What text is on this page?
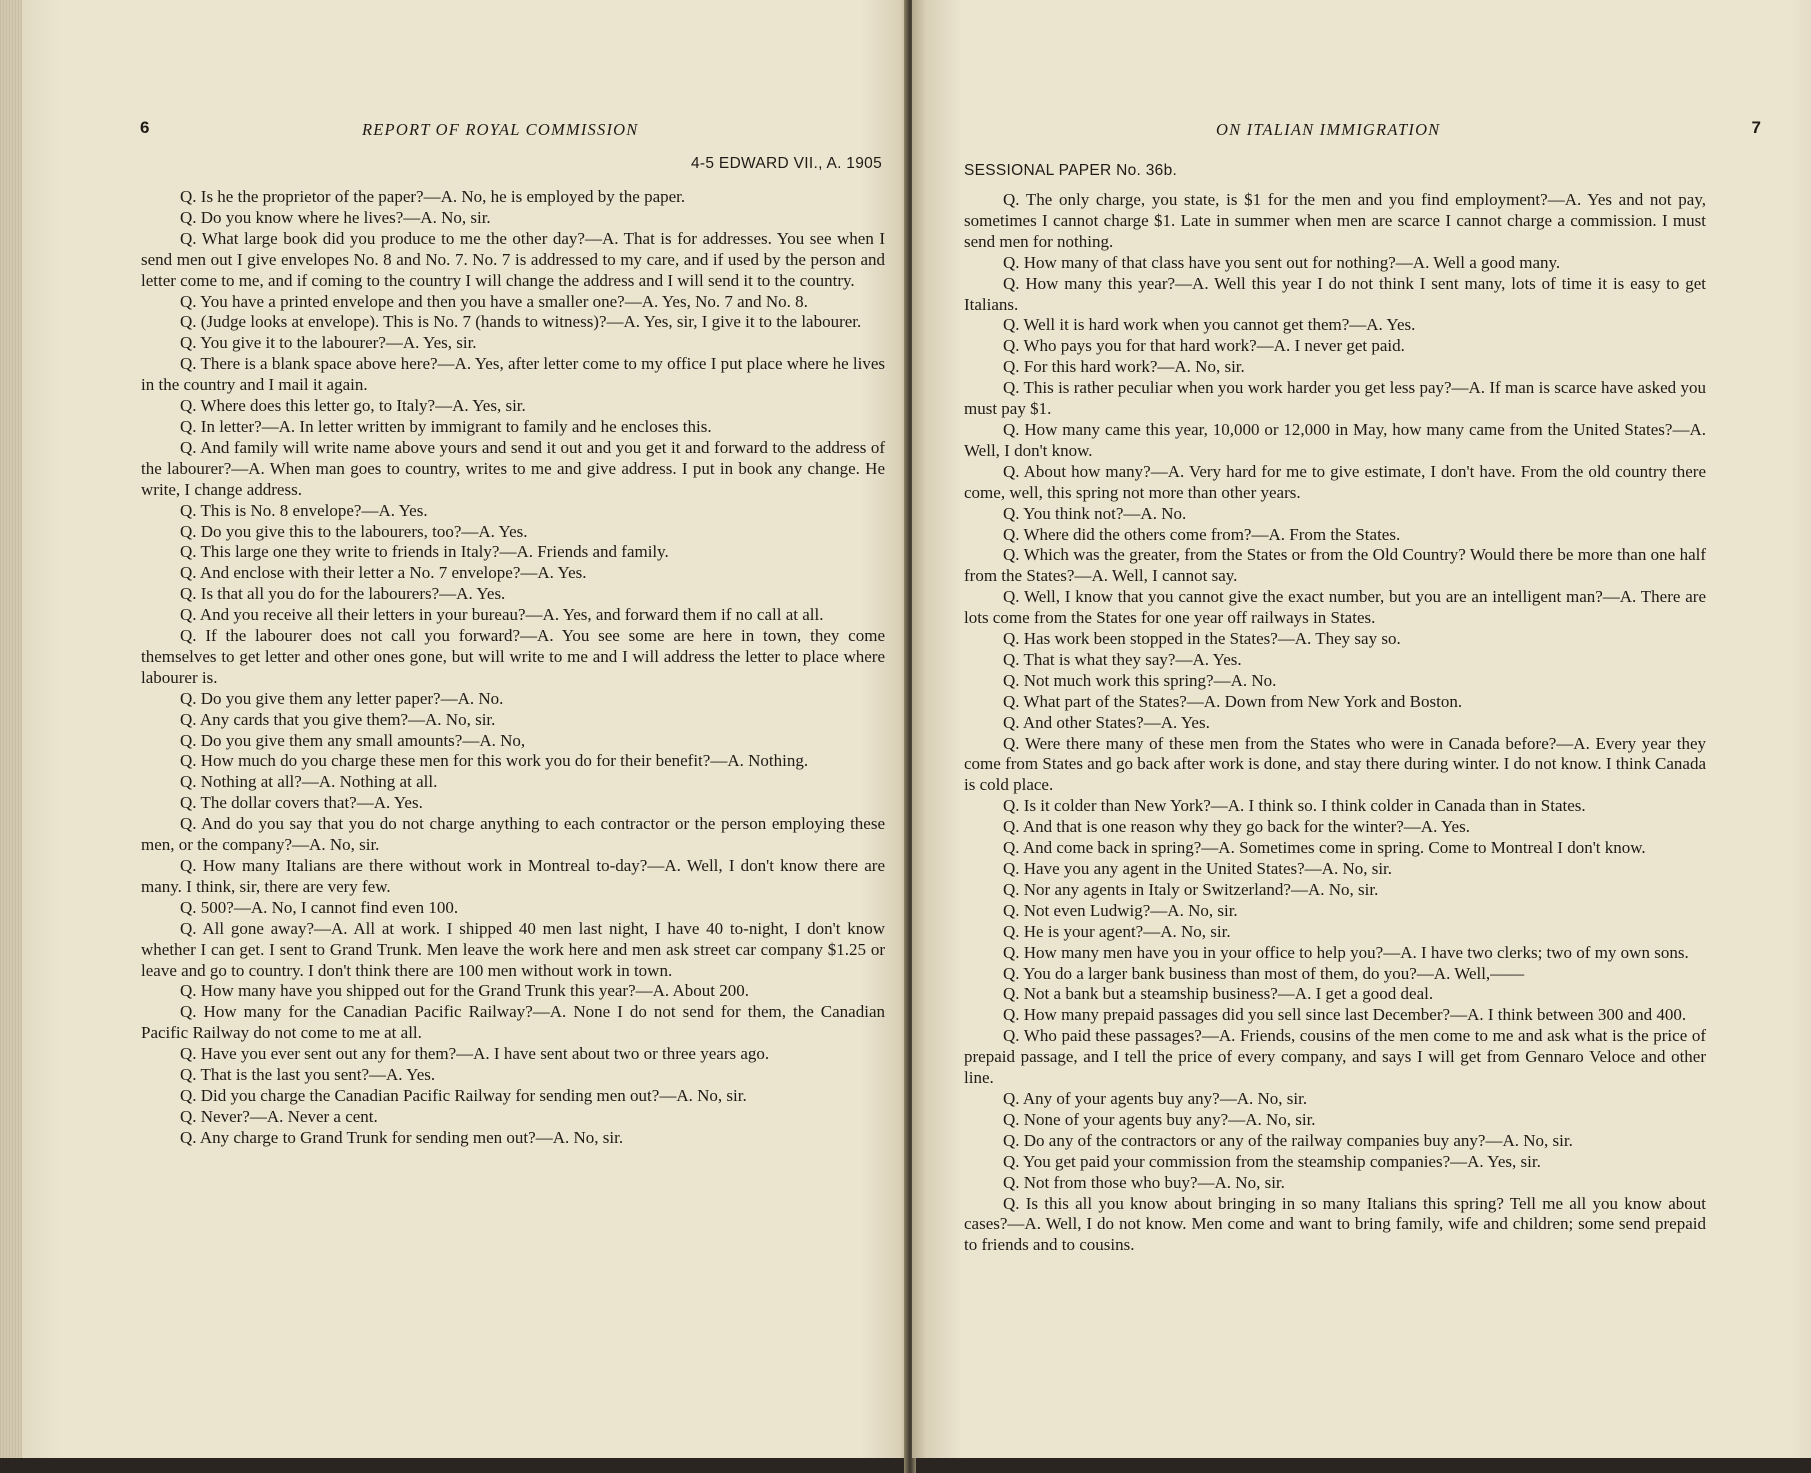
6	REPORT OF ROYAL COMMISSION
4-5 EDWARD VII., A. 1905

Q. Is he the proprietor of the paper?—A. No, he is employed by the paper.

Q. Do you know where he lives?—A. No, sir.

Q. What large book did you produce to me the other day?—A. That is for addresses. You see when I send men out I give envelopes No. 8 and No. 7. No. 7 is addressed to my care, and if used by the person and letter come to me, and if coming to the country I will change the address and I will send it to the country.

Q. You have a printed envelope and then you have a smaller one?—A. Yes, No. 7 and No. 8.

Q. (Judge looks at envelope). This is No. 7 (hands to witness)?—A. Yes, sir, I give it to the labourer.

Q. You give it to the labourer?—A. Yes, sir.

Q. There is a blank space above here?—A. Yes, after letter come to my office I put place where he lives in the country and I mail it again.

Q. Where does this letter go, to Italy?—A. Yes, sir.

Q. In letter?—A. In letter written by immigrant to family and he encloses this.

Q. And family will write name above yours and send it out and you get it and forward to the address of the labourer?—A. When man goes to country, writes to me and give address. I put in book any change. He write, I change address.

Q. This is No. 8 envelope?—A. Yes.

Q. Do you give this to the labourers, too?—A. Yes.

Q. This large one they write to friends in Italy?—A. Friends and family.

Q. And enclose with their letter a No. 7 envelope?—A. Yes.

Q. Is that all you do for the labourers?—A. Yes.

Q. And you receive all their letters in your bureau?—A. Yes, and forward them if no call at all.

Q. If the labourer does not call you forward?—A. You see some are here in town, they come themselves to get letter and other ones gone, but will write to me and I will address the letter to place where labourer is.

Q. Do you give them any letter paper?—A. No.

Q. Any cards that you give them?—A. No, sir.

Q. Do you give them any small amounts?—A. No,

Q. How much do you charge these men for this work you do for their benefit?—A. Nothing.

Q. Nothing at all?—A. Nothing at all.

Q. The dollar covers that?—A. Yes.

Q. And do you say that you do not charge anything to each contractor or the person employing these men, or the company?—A. No, sir.

Q. How many Italians are there without work in Montreal to-day?—A. Well, I don't know there are many. I think, sir, there are very few.

Q. 500?—A. No, I cannot find even 100.

Q. All gone away?—A. All at work. I shipped 40 men last night, I have 40 to-night, I don't know whether I can get. I sent to Grand Trunk. Men leave the work here and men ask street car company $1.25 or leave and go to country. I don't think there are 100 men without work in town.

Q. How many have you shipped out for the Grand Trunk this year?—A. About 200.

Q. How many for the Canadian Pacific Railway?—A. None I do not send for them, the Canadian Pacific Railway do not come to me at all.

Q. Have you ever sent out any for them?—A. I have sent about two or three years ago.

Q. That is the last you sent?—A. Yes.

Q. Did you charge the Canadian Pacific Railway for sending men out?—A. No, sir.

Q. Never?—A. Never a cent.

Q. Any charge to Grand Trunk for sending men out?—A. No, sir.

7
ON ITALIAN IMMIGRATION
SESSIONAL PAPER No. 36b.

Q. The only charge, you state, is $1 for the men and you find employment?—A. Yes and not pay, sometimes I cannot charge $1. Late in summer when men are scarce I cannot charge a commission. I must send men for nothing.

Q. How many of that class have you sent out for nothing?—A. Well a good many.

Q. How many this year?—A. Well this year I do not think I sent many, lots of time it is easy to get Italians.

Q. Well it is hard work when you cannot get them?—A. Yes.

Q. Who pays you for that hard work?—A. I never get paid.

Q. For this hard work?—A. No, sir.

Q. This is rather peculiar when you work harder you get less pay?—A. If man is scarce have asked you must pay $1.

Q. How many came this year, 10,000 or 12,000 in May, how many came from the United States?—A. Well, I don't know.

Q. About how many?—A. Very hard for me to give estimate, I don't have. From the old country there come, well, this spring not more than other years.

Q. You think not?—A. No.

Q. Where did the others come from?—A. From the States.

Q. Which was the greater, from the States or from the Old Country? Would there be more than one half from the States?—A. Well, I cannot say.

Q. Well, I know that you cannot give the exact number, but you are an intelligent man?—A. There are lots come from the States for one year off railways in States.

Q. Has work been stopped in the States?—A. They say so.

Q. That is what they say?—A. Yes.

Q. Not much work this spring?—A. No.

Q. What part of the States?—A. Down from New York and Boston.

Q. And other States?—A. Yes.

Q. Were there many of these men from the States who were in Canada before?—A. Every year they come from States and go back after work is done, and stay there during winter. I do not know. I think Canada is cold place.

Q. Is it colder than New York?—A. I think so. I think colder in Canada than in States.

Q. And that is one reason why they go back for the winter?—A. Yes.

Q. And come back in spring?—A. Sometimes come in spring. Come to Montreal I don't know.

Q. Have you any agent in the United States?—A. No, sir.

Q. Nor any agents in Italy or Switzerland?—A. No, sir.

Q. Not even Ludwig?—A. No, sir.

Q. He is your agent?—A. No, sir.

Q. How many men have you in your office to help you?—A. I have two clerks; two of my own sons.

Q. You do a larger bank business than most of them, do you?—A. Well,——

Q. Not a bank but a steamship business?—A. I get a good deal.

Q. How many prepaid passages did you sell since last December?—A. I think between 300 and 400.

Q. Who paid these passages?—A. Friends, cousins of the men come to me and ask what is the price of prepaid passage, and I tell the price of every company, and says I will get from Gennaro Veloce and other line.

Q. Any of your agents buy any?—A. No, sir.

Q. None of your agents buy any?—A. No, sir.

Q. Do any of the contractors or any of the railway companies buy any?—A. No, sir.

Q. You get paid your commission from the steamship companies?—A. Yes, sir.

Q. Not from those who buy?—A. No, sir.

Q. Is this all you know about bringing in so many Italians this spring? Tell me all you know about cases?—A. Well, I do not know. Men come and want to bring family, wife and children; some send prepaid to friends and to cousins.
